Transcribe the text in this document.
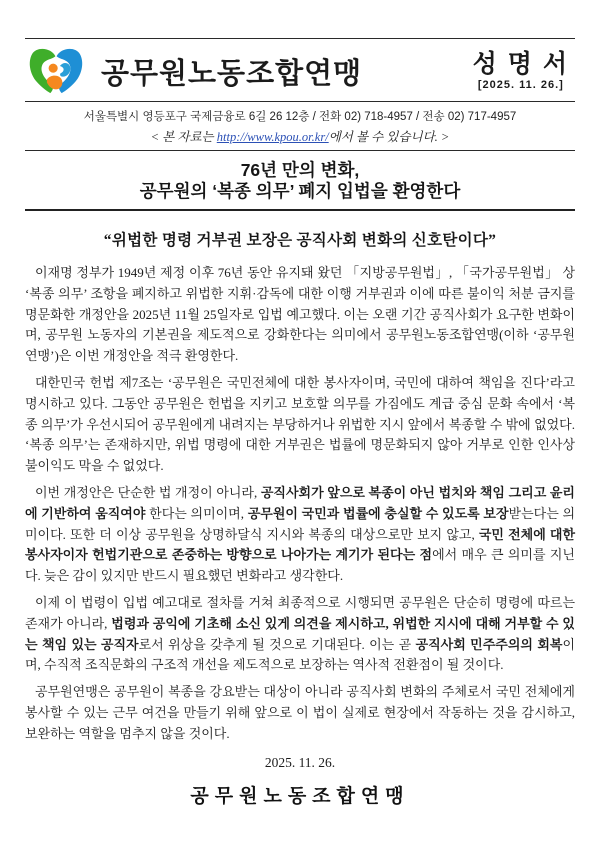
공무원노동조합연맹	성 명 서
[2025. 11. 26.]
서울특별시 영등포구 국제금융로 6길 26 12층 / 전화 02) 718-4957 / 전송 02) 717-4957
< 본 자료는 http://www.kpou.or.kr/에서 볼 수 있습니다. >
76년 만의 변화,
공무원의 ‘복종 의무’ 폐지 입법을 환영한다
“위법한 명령 거부권 보장은 공직사회 변화의 신호탄이다”

이재명 정부가 1949년 제정 이후 76년 동안 유지돼 왔던 「지방공무원법」, 「국가공무원법」 상 ‘복종 의무’ 조항을 폐지하고 위법한 지휘·감독에 대한 이행 거부권과 이에 따른 불이익 처분 금지를 명문화한 개정안을 2025년 11월 25일자로 입법 예고했다. 이는 오랜 기간 공직사회가 요구한 변화이며, 공무원 노동자의 기본권을 제도적으로 강화한다는 의미에서 공무원노동조합연맹(이하 ‘공무원연맹’)은 이번 개정안을 적극 환영한다.

대한민국 헌법 제7조는 ‘공무원은 국민전체에 대한 봉사자이며, 국민에 대하여 책임을 진다’라고 명시하고 있다. 그동안 공무원은 헌법을 지키고 보호할 의무를 가짐에도 계급 중심 문화 속에서 ‘복종 의무’가 우선시되어 공무원에게 내려지는 부당하거나 위법한 지시 앞에서 복종할 수 밖에 없었다. ‘복종 의무’는 존재하지만, 위법 명령에 대한 거부권은 법률에 명문화되지 않아 거부로 인한 인사상 불이익도 막을 수 없었다.

이번 개정안은 단순한 법 개정이 아니라, 공직사회가 앞으로 복종이 아닌 법치와 책임 그리고 윤리에 기반하여 움직여야 한다는 의미이며, 공무원이 국민과 법률에 충실할 수 있도록 보장받는다는 의미이다. 또한 더 이상 공무원을 상명하달식 지시와 복종의 대상으로만 보지 않고, 국민 전체에 대한 봉사자이자 헌법기관으로 존중하는 방향으로 나아가는 계기가 된다는 점에서 매우 큰 의미를 지닌다. 늦은 감이 있지만 반드시 필요했던 변화라고 생각한다.

이제 이 법령이 입법 예고대로 절차를 거쳐 최종적으로 시행되면 공무원은 단순히 명령에 따르는 존재가 아니라, 법령과 공익에 기초해 소신 있게 의견을 제시하고, 위법한 지시에 대해 거부할 수 있는 책임 있는 공직자로서 위상을 갖추게 될 것으로 기대된다. 이는 곧 공직사회 민주주의의 회복이며, 수직적 조직문화의 구조적 개선을 제도적으로 보장하는 역사적 전환점이 될 것이다.

공무원연맹은 공무원이 복종을 강요받는 대상이 아니라 공직사회 변화의 주체로서 국민 전체에게 봉사할 수 있는 근무 여건을 만들기 위해 앞으로 이 법이 실제로 현장에서 작동하는 것을 감시하고, 보완하는 역할을 멈추지 않을 것이다.

2025. 11. 26.
공무원노동조합연맹
